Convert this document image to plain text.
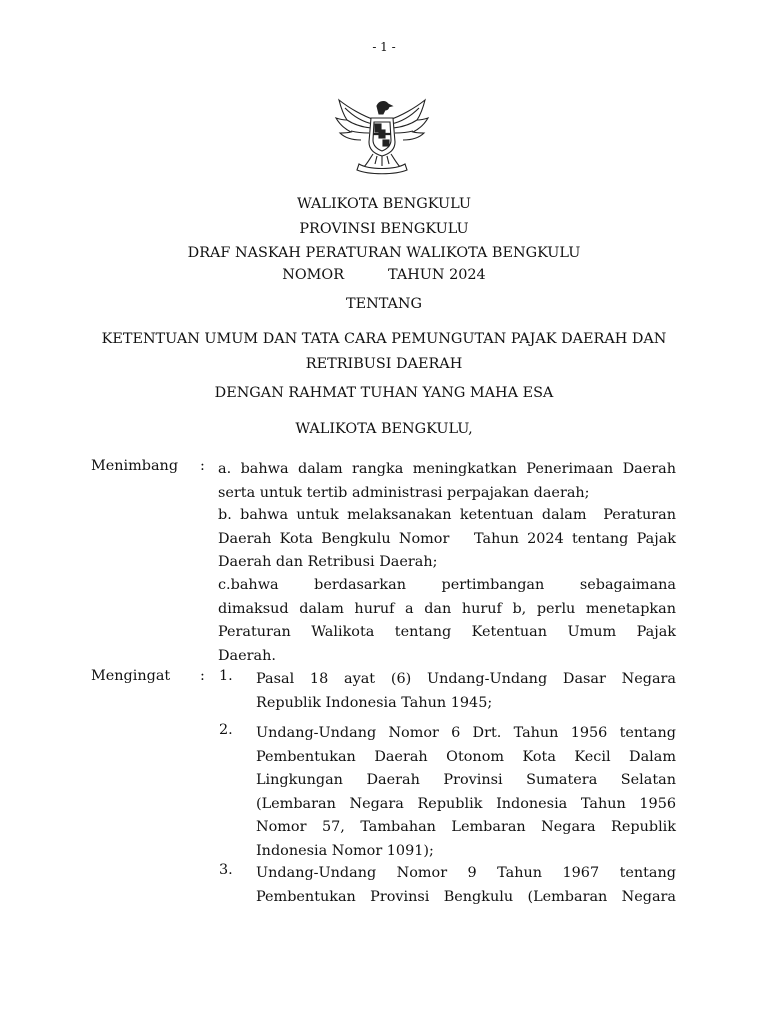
- 1 -
WALIKOTA BENGKULU
PROVINSI BENGKULU
DRAF NASKAH PERATURAN WALIKOTA BENGKULU
NOMOR	TAHUN 2024
TENTANG
KETENTUAN UMUM DAN TATA CARA PEMUNGUTAN PAJAK DAERAH DAN
RETRIBUSI DAERAH
DENGAN RAHMAT TUHAN YANG MAHA ESA
WALIKOTA BENGKULU,
Menimbang : a. bahwa dalam rangka meningkatkan Penerimaan Daerah
serta untuk tertib administrasi perpajakan daerah;
b. bahwa untuk melaksanakan ketentuan dalam  Peraturan
Daerah Kota Bengkulu Nomor   Tahun 2024 tentang Pajak
Daerah dan Retribusi Daerah;
c.bahwa berdasarkan pertimbangan sebagaimana
dimaksud dalam huruf a dan huruf b, perlu menetapkan
Peraturan Walikota tentang Ketentuan Umum Pajak
Daerah.
Mengingat : 1. Pasal 18 ayat (6) Undang-Undang Dasar Negara
Republik Indonesia Tahun 1945;
2. Undang-Undang Nomor 6 Drt. Tahun 1956 tentang
Pembentukan Daerah Otonom Kota Kecil Dalam
Lingkungan Daerah Provinsi Sumatera Selatan
(Lembaran Negara Republik Indonesia Tahun 1956
Nomor 57, Tambahan Lembaran Negara Republik
Indonesia Nomor 1091);
3. Undang-Undang Nomor 9 Tahun 1967 tentang
Pembentukan Provinsi Bengkulu (Lembaran Negara
